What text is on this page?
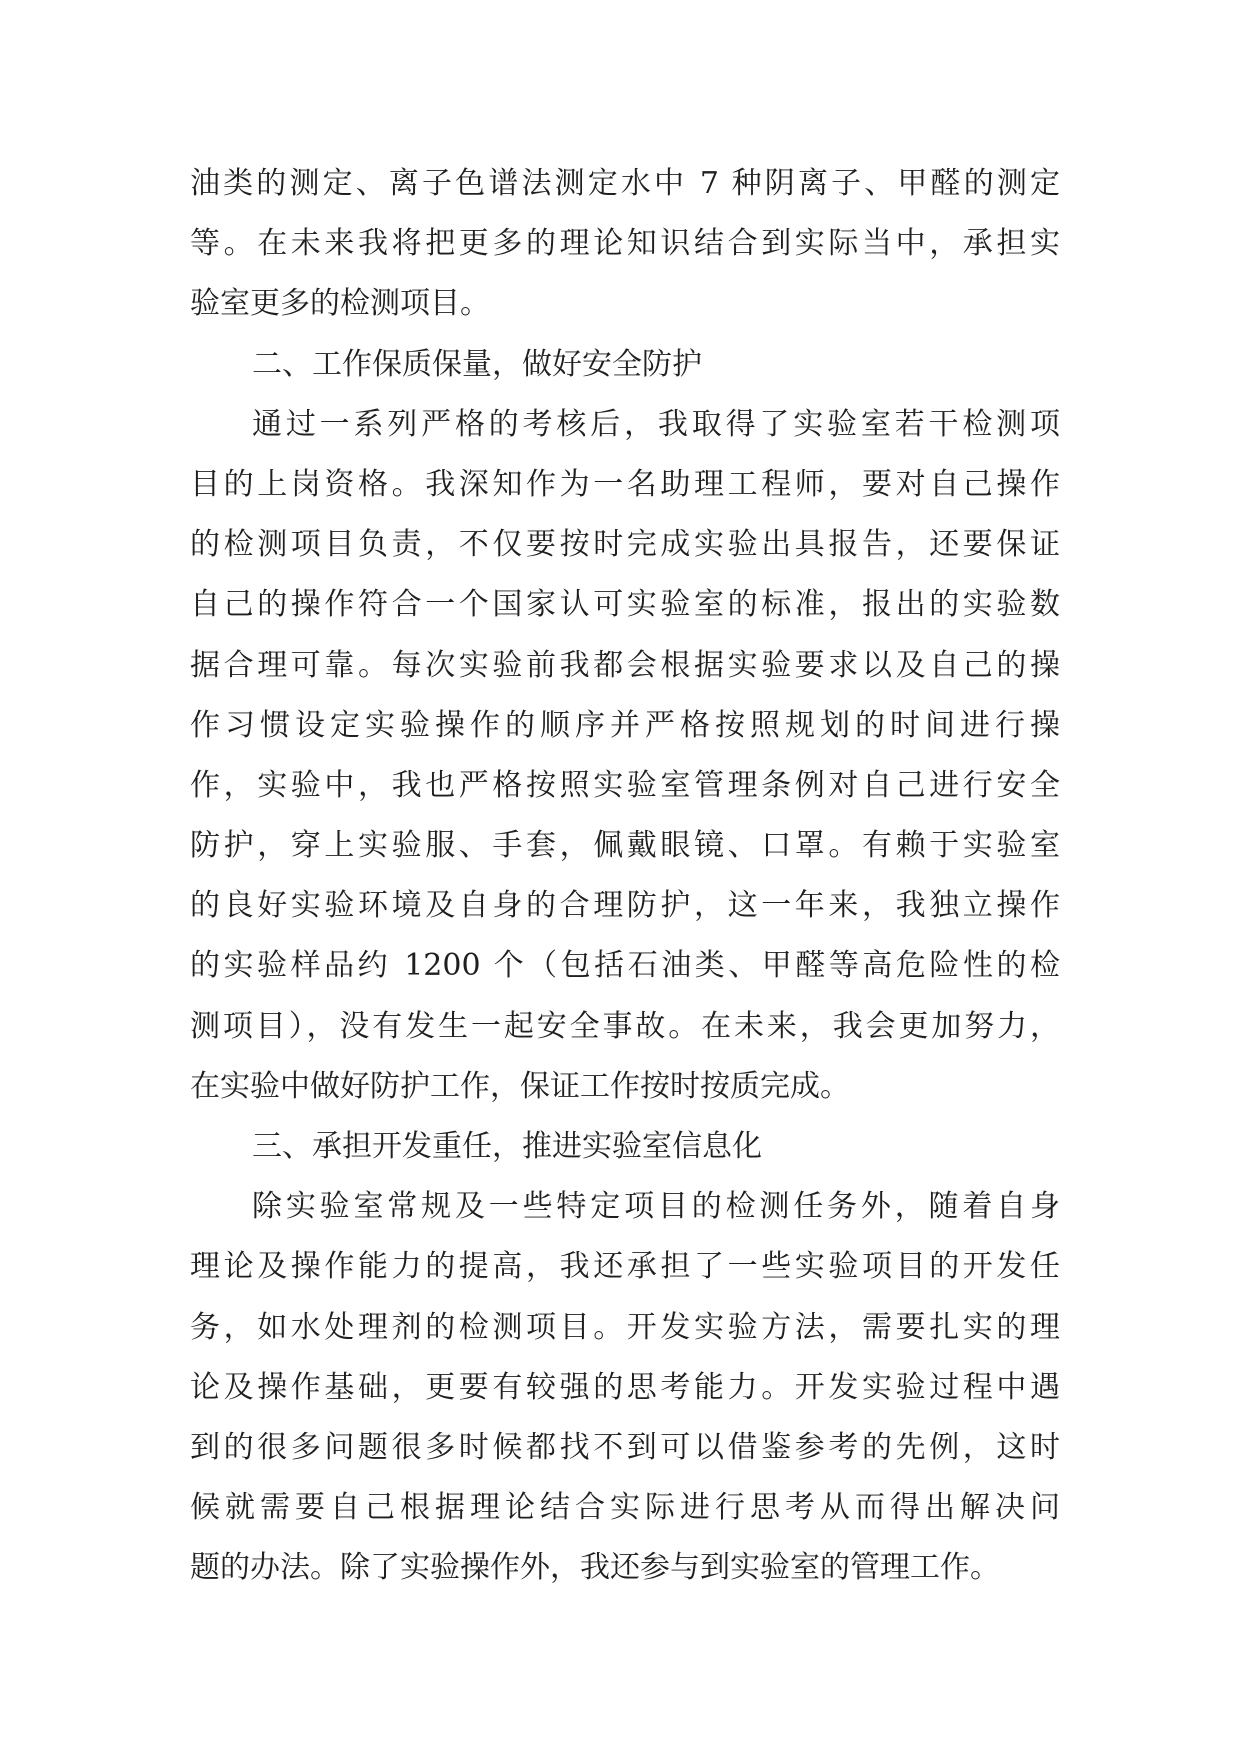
油类的测定、离子色谱法测定水中 7 种阴离子、甲醛的测定
等。在未来我将把更多的理论知识结合到实际当中，承担实
验室更多的检测项目。
二、工作保质保量，做好安全防护
通过一系列严格的考核后，我取得了实验室若干检测项
目的上岗资格。我深知作为一名助理工程师，要对自己操作
的检测项目负责，不仅要按时完成实验出具报告，还要保证
自己的操作符合一个国家认可实验室的标准，报出的实验数
据合理可靠。每次实验前我都会根据实验要求以及自己的操
作习惯设定实验操作的顺序并严格按照规划的时间进行操
作，实验中，我也严格按照实验室管理条例对自己进行安全
防护，穿上实验服、手套，佩戴眼镜、口罩。有赖于实验室
的良好实验环境及自身的合理防护，这一年来，我独立操作
的实验样品约 1200 个（包括石油类、甲醛等高危险性的检
测项目），没有发生一起安全事故。在未来，我会更加努力，
在实验中做好防护工作，保证工作按时按质完成。
三、承担开发重任，推进实验室信息化
除实验室常规及一些特定项目的检测任务外，随着自身
理论及操作能力的提高，我还承担了一些实验项目的开发任
务，如水处理剂的检测项目。开发实验方法，需要扎实的理
论及操作基础，更要有较强的思考能力。开发实验过程中遇
到的很多问题很多时候都找不到可以借鉴参考的先例，这时
候就需要自己根据理论结合实际进行思考从而得出解决问
题的办法。除了实验操作外，我还参与到实验室的管理工作。
